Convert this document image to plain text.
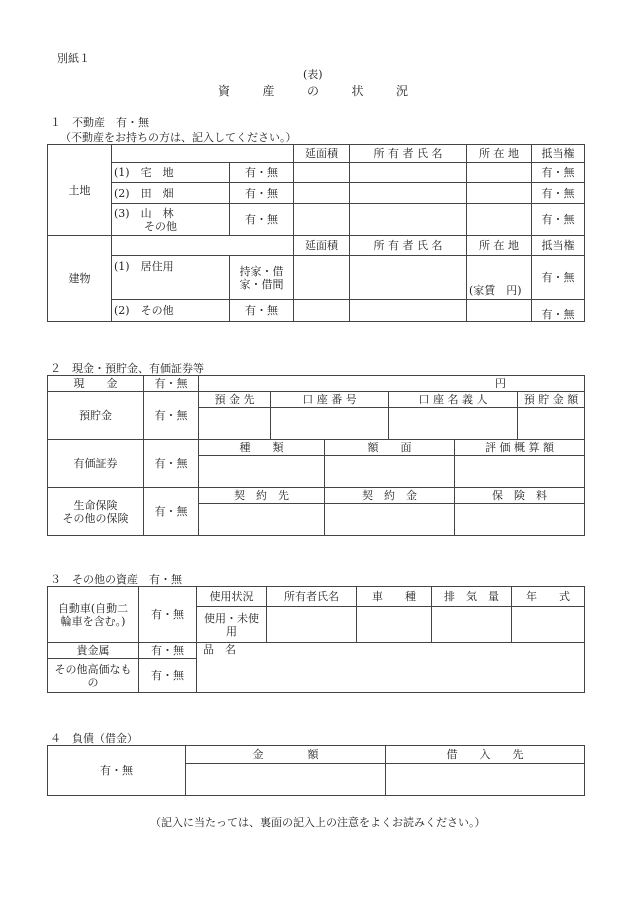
別紙１
(表)
資	産	の	状	況
１　不動産　有・無
（不動産をお持ちの方は、記入してください。）
土地			延面積	所 有 者 氏 名	所 在 地	抵当権
	(1)　宅　地	有・無				有・無
	(2)　田　畑	有・無				有・無

	(3)　山　林
その他	有・無				有・無
建物			延面積	所 有 者 氏 名	所 在 地	抵当権
	(1)　居住用	持家・借
家・借間			(家賃　円)	有・無
	(2)　その他	有・無				有・無
２　現金・預貯金、有価証券等
現　　金	有・無	円					
預貯金	有・無	預 金 先	口 座 番 号		口 座 名 義 人		預 貯 金 額

有価証券	有・無	種　　類		額　　面		評 価 概 算 額	

生命保険
その他の保険	有・無	契　約　先		契　約　金		保　険　料	

３　その他の資産　有・無
自動車(自動二
輪車を含む。)	有・無	使用状況	所有者氏名	車　　種	排　気　量	年　　式
		使用・未使用				
貴金属	有・無	品　名				
その他高価なもの	有・無					
４　負債（借金）
有・無	金　　　　額	借　　入　　先

（記入に当たっては、裏面の記入上の注意をよくお読みください。）
